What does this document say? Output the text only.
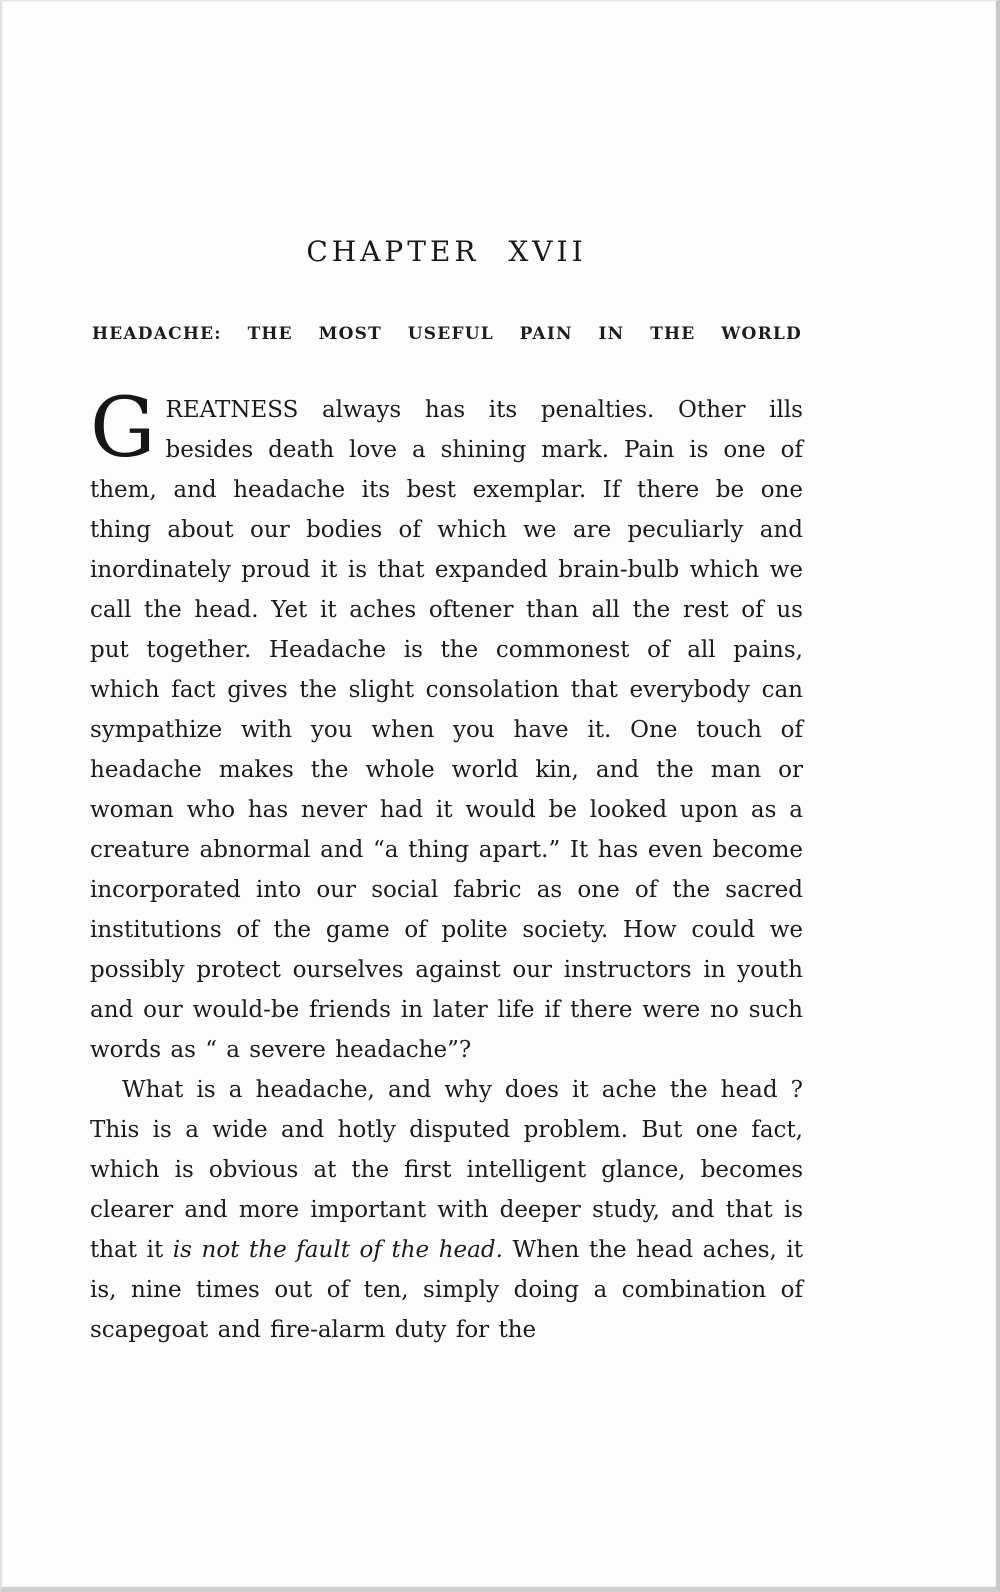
CHAPTER XVII
HEADACHE: THE MOST USEFUL PAIN IN THE WORLD

GREATNESS always has its penalties. Other ills besides death love a shining mark. Pain is one of them, and headache its best exemplar. If there be one thing about our bodies of which we are peculiarly and inordinately proud it is that expanded brain-bulb which we call the head. Yet it aches oftener than all the rest of us put together. Headache is the commonest of all pains, which fact gives the slight consolation that everybody can sympathize with you when you have it. One touch of headache makes the whole world kin, and the man or woman who has never had it would be looked upon as a creature abnormal and “a thing apart.” It has even become incorporated into our social fabric as one of the sacred institutions of the game of polite society. How could we possibly protect ourselves against our instructors in youth and our would-be friends in later life if there were no such words as “ a severe headache”?

What is a headache, and why does it ache the head ? This is a wide and hotly disputed problem. But one fact, which is obvious at the first intelligent glance, becomes clearer and more important with deeper study, and that is that it is not the fault of the head. When the head aches, it is, nine times out of ten, simply doing a combination of scapegoat and fire-alarm duty for the
